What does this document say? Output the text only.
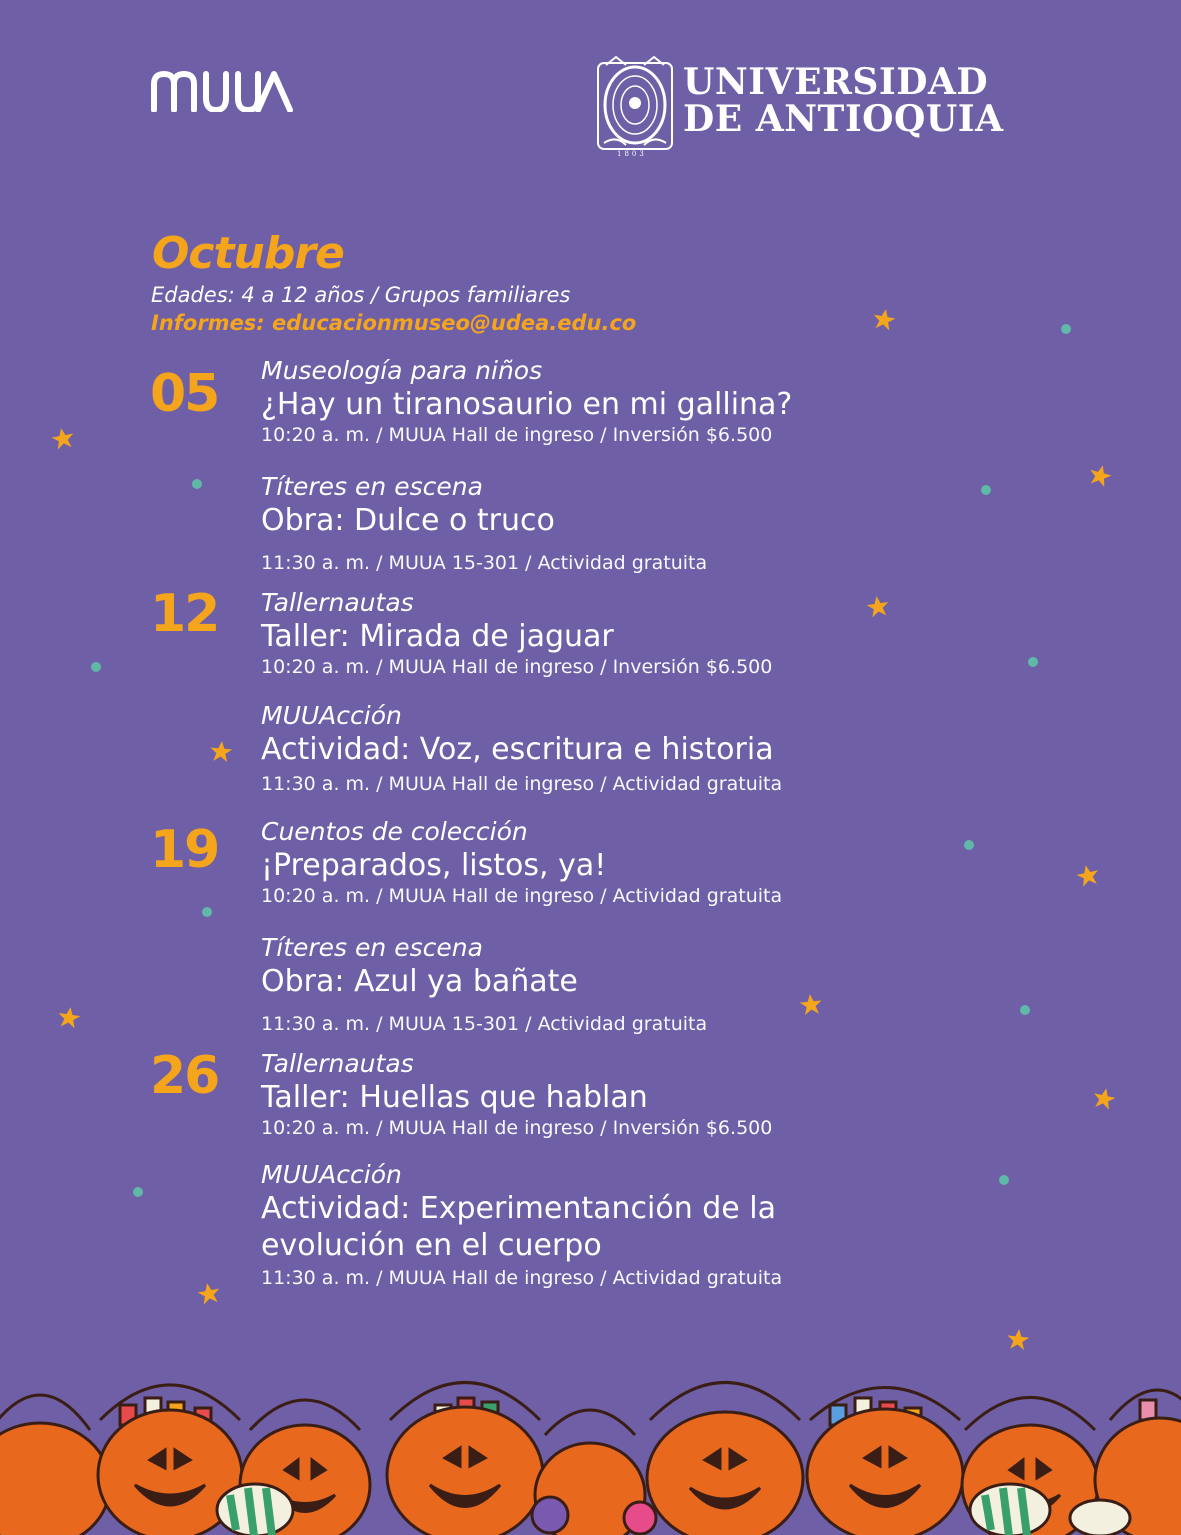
1803
UNIVERSIDAD
DE ANTIOQUIA
Octubre
Edades: 4 a 12 años / Grupos familiares
Informes: educacionmuseo@udea.edu.co
05 Museología para niños
¿Hay un tiranosaurio en mi gallina?
10:20 a. m. / MUUA Hall de ingreso / Inversión $6.500
Títeres en escena
Obra: Dulce o truco
11:30 a. m. / MUUA 15-301 / Actividad gratuita
12 Tallernautas
Taller: Mirada de jaguar
10:20 a. m. / MUUA Hall de ingreso / Inversión $6.500
MUUAcción
Actividad: Voz, escritura e historia
11:30 a. m. / MUUA Hall de ingreso / Actividad gratuita
19 Cuentos de colección
¡Preparados, listos, ya!
10:20 a. m. / MUUA Hall de ingreso / Actividad gratuita
Títeres en escena
Obra: Azul ya bañate
11:30 a. m. / MUUA 15-301 / Actividad gratuita
26 Tallernautas
Taller: Huellas que hablan
10:20 a. m. / MUUA Hall de ingreso / Inversión $6.500
MUUAcción
Actividad: Experimentanción de la
evolución en el cuerpo
11:30 a. m. / MUUA Hall de ingreso / Actividad gratuita
